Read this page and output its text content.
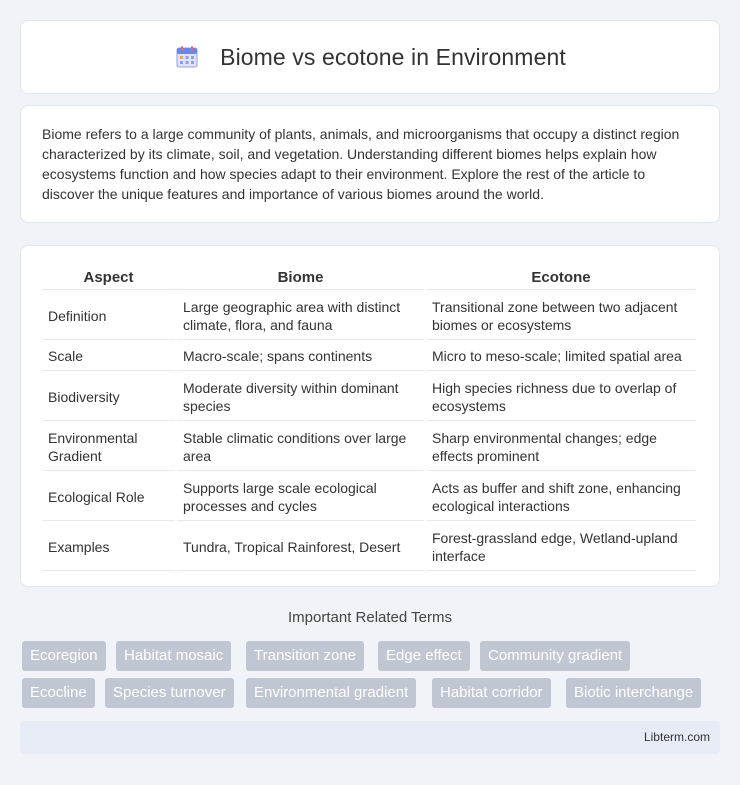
Biome vs ecotone in Environment

Biome refers to a large community of plants, animals, and microorganisms that occupy a distinct region characterized by its climate, soil, and vegetation. Understanding different biomes helps explain how ecosystems function and how species adapt to their environment. Explore the rest of the article to discover the unique features and importance of various biomes around the world.

Aspect	Biome	Ecotone
Definition	Large geographic area with distinct climate, flora, and fauna	Transitional zone between two adjacent biomes or ecosystems
Scale	Macro-scale; spans continents	Micro to meso-scale; limited spatial area
Biodiversity	Moderate diversity within dominant species	High species richness due to overlap of ecosystems
Environmental Gradient	Stable climatic conditions over large area	Sharp environmental changes; edge effects prominent
Ecological Role	Supports large scale ecological processes and cycles	Acts as buffer and shift zone, enhancing ecological interactions
Examples	Tundra, Tropical Rainforest, Desert	Forest-grassland edge, Wetland-upland interface
Important Related Terms
Ecoregion	Habitat mosaic	Transition zone	Edge effect	Community gradient
Ecocline	Species turnover	Environmental gradient	Habitat corridor	Biotic interchange
Libterm.com
